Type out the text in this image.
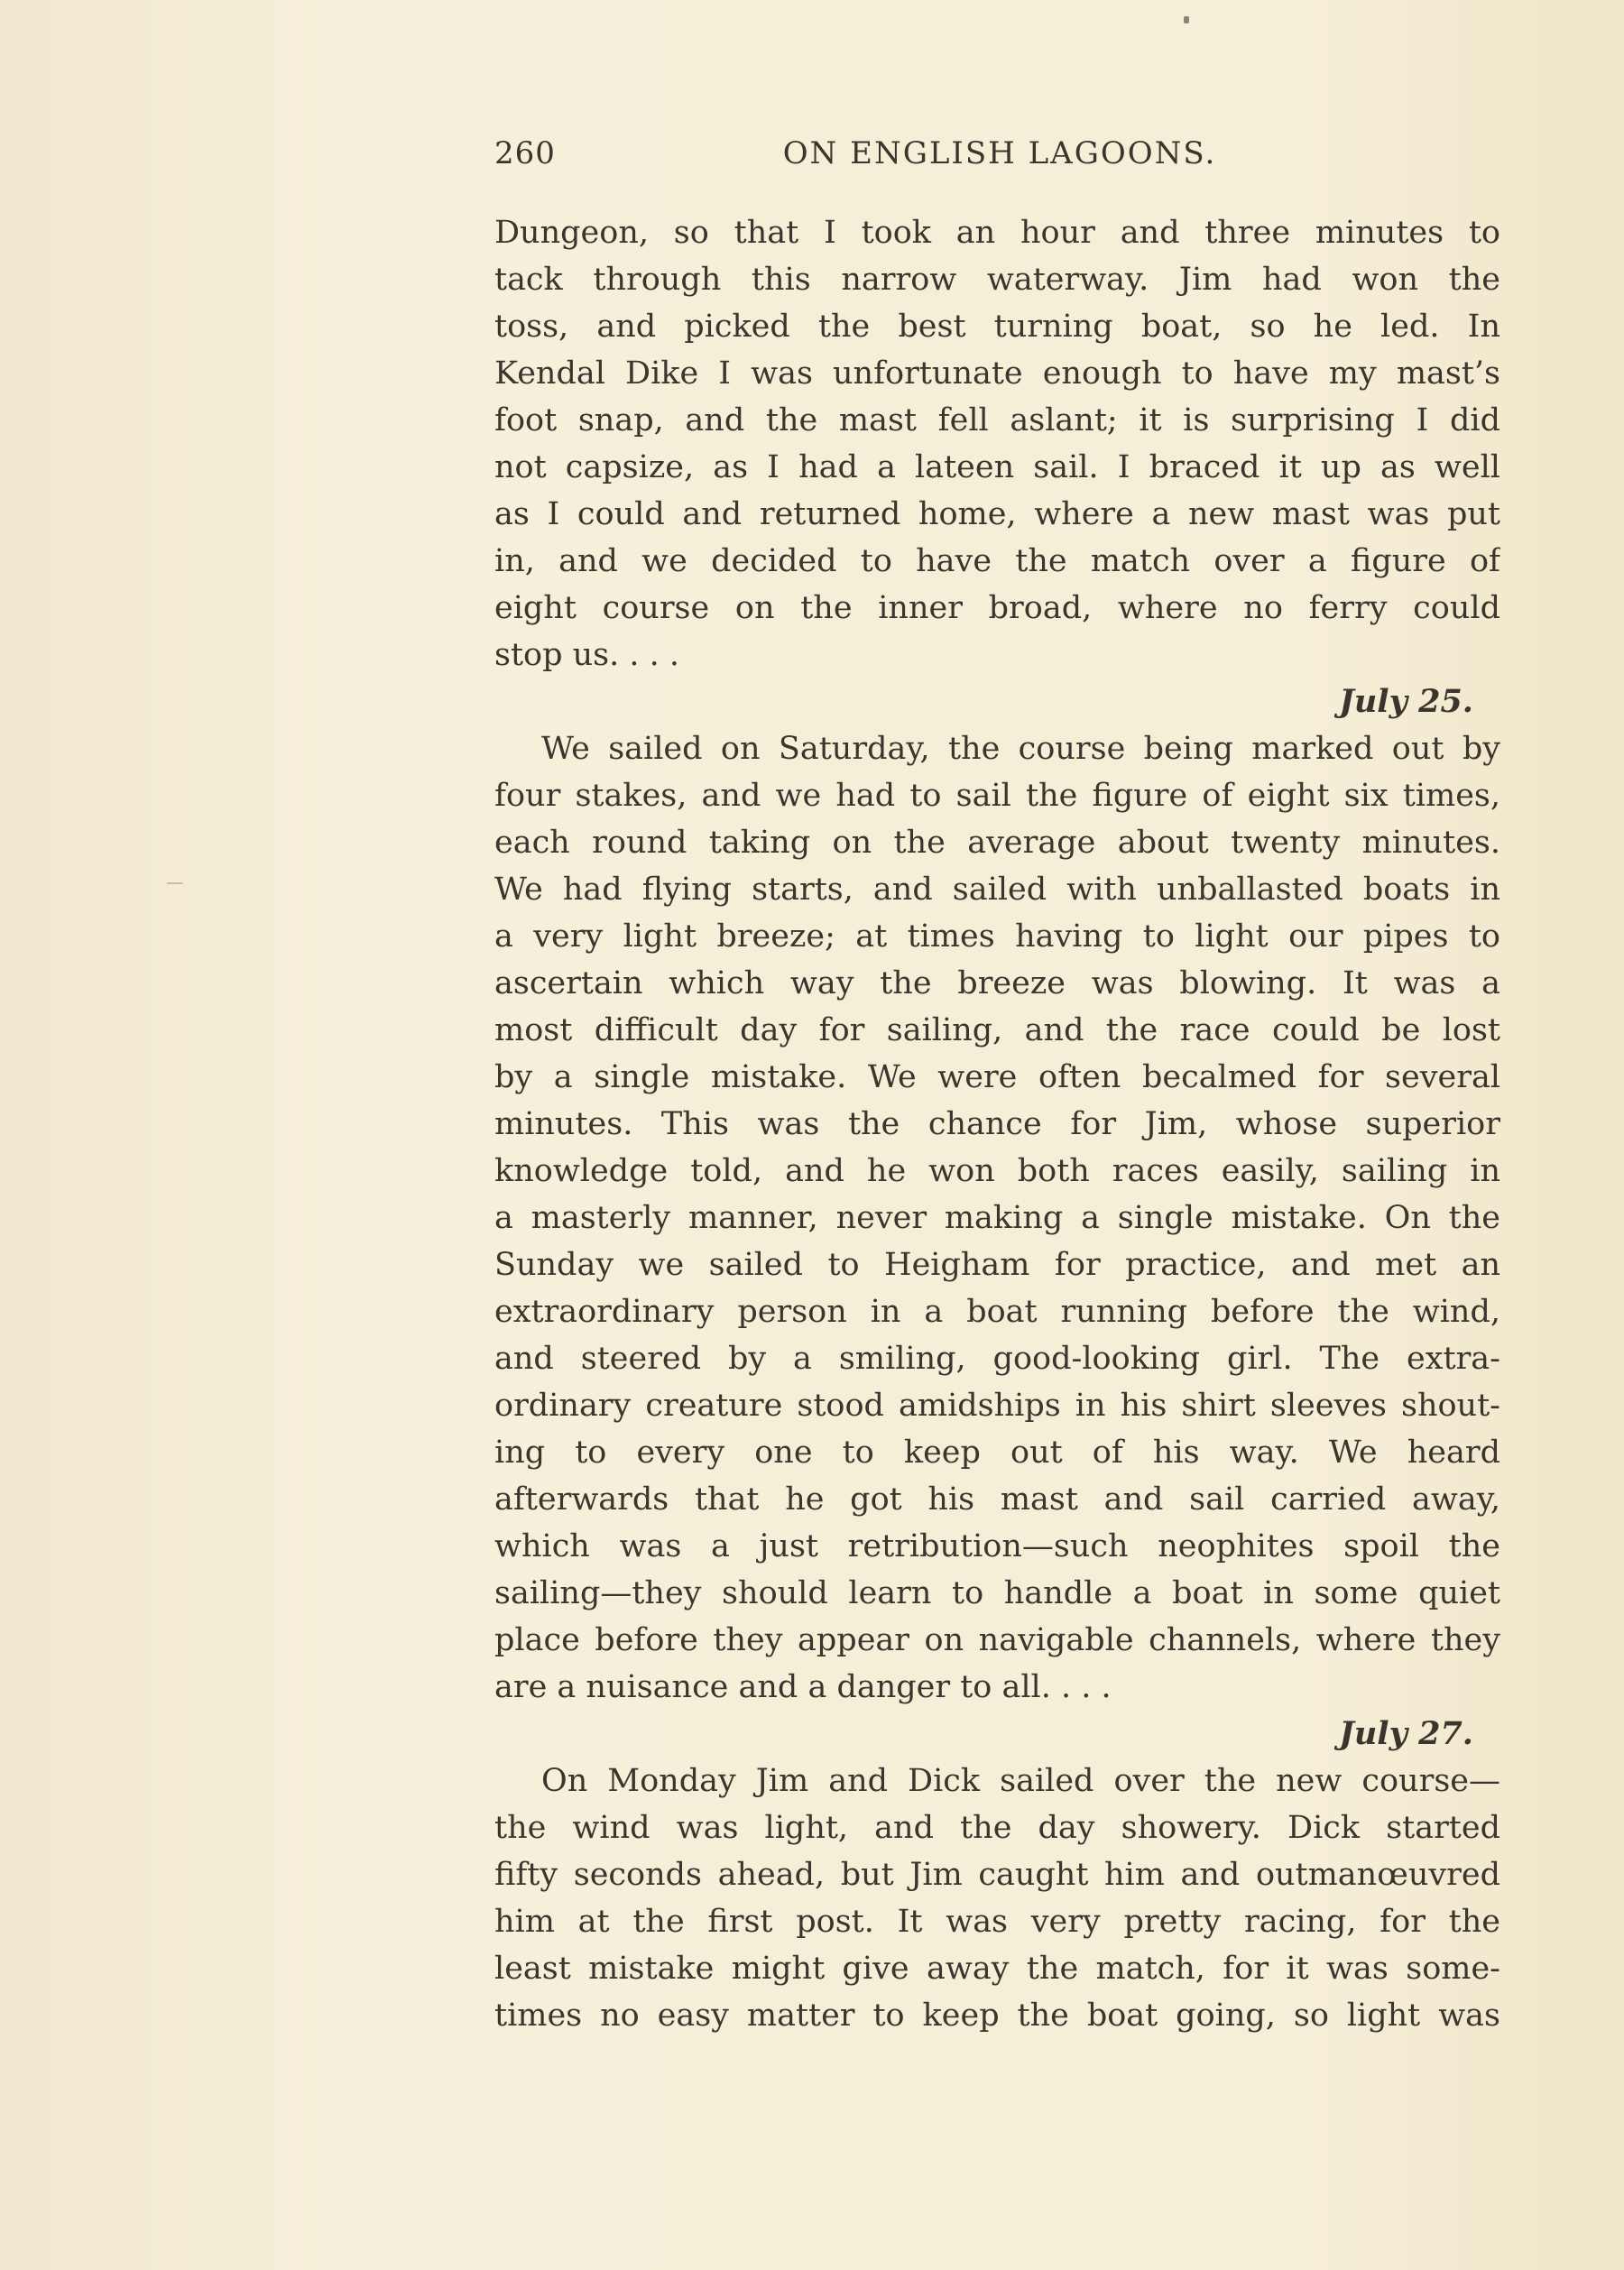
260	ON ENGLISH LAGOONS.
Dungeon, so that I took an hour and three minutes to
tack through this narrow waterway. Jim had won the
toss, and picked the best turning boat, so he led. In
Kendal Dike I was unfortunate enough to have my mast’s
foot snap, and the mast fell aslant; it is surprising I did
not capsize, as I had a lateen sail. I braced it up as well
as I could and returned home, where a new mast was put
in, and we decided to have the match over a figure of
eight course on the inner broad, where no ferry could
stop us. . . .
July 25.
We sailed on Saturday, the course being marked out by
four stakes, and we had to sail the figure of eight six times,
each round taking on the average about twenty minutes.
We had flying starts, and sailed with unballasted boats in
a very light breeze; at times having to light our pipes to
ascertain which way the breeze was blowing. It was a
most difficult day for sailing, and the race could be lost
by a single mistake. We were often becalmed for several
minutes. This was the chance for Jim, whose superior
knowledge told, and he won both races easily, sailing in
a masterly manner, never making a single mistake. On the
Sunday we sailed to Heigham for practice, and met an
extraordinary person in a boat running before the wind,
and steered by a smiling, good-looking girl. The extra-
ordinary creature stood amidships in his shirt sleeves shout-
ing to every one to keep out of his way. We heard
afterwards that he got his mast and sail carried away,
which was a just retribution—such neophites spoil the
sailing—they should learn to handle a boat in some quiet
place before they appear on navigable channels, where they
are a nuisance and a danger to all. . . .
July 27.
On Monday Jim and Dick sailed over the new course—
the wind was light, and the day showery. Dick started
fifty seconds ahead, but Jim caught him and outmanœuvred
him at the first post. It was very pretty racing, for the
least mistake might give away the match, for it was some-
times no easy matter to keep the boat going, so light was
